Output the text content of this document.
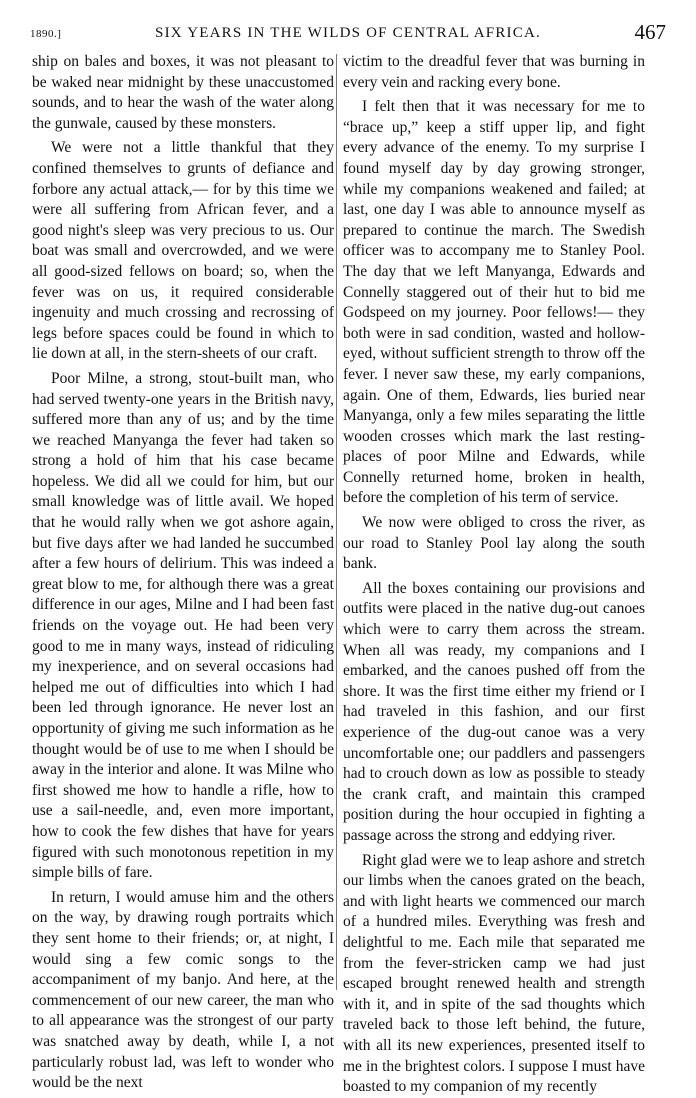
1890.]	SIX YEARS IN THE WILDS OF CENTRAL AFRICA.	467

ship on bales and boxes, it was not pleasant to be waked near midnight by these unaccustomed sounds, and to hear the wash of the water along the gunwale, caused by these monsters.

We were not a little thankful that they confined themselves to grunts of defiance and forbore any actual attack,— for by this time we were all suffering from African fever, and a good night's sleep was very precious to us. Our boat was small and overcrowded, and we were all good-sized fellows on board; so, when the fever was on us, it required considerable ingenuity and much crossing and recrossing of legs before spaces could be found in which to lie down at all, in the stern-sheets of our craft.

Poor Milne, a strong, stout-built man, who had served twenty-one years in the British navy, suffered more than any of us; and by the time we reached Manyanga the fever had taken so strong a hold of him that his case became hopeless. We did all we could for him, but our small knowledge was of little avail. We hoped that he would rally when we got ashore again, but five days after we had landed he succumbed after a few hours of delirium. This was indeed a great blow to me, for although there was a great difference in our ages, Milne and I had been fast friends on the voyage out. He had been very good to me in many ways, instead of ridiculing my inexperience, and on several occasions had helped me out of difficulties into which I had been led through ignorance. He never lost an opportunity of giving me such information as he thought would be of use to me when I should be away in the interior and alone. It was Milne who first showed me how to handle a rifle, how to use a sail-needle, and, even more important, how to cook the few dishes that have for years figured with such monotonous repetition in my simple bills of fare.

In return, I would amuse him and the others on the way, by drawing rough portraits which they sent home to their friends; or, at night, I would sing a few comic songs to the accompaniment of my banjo. And here, at the commencement of our new career, the man who to all appearance was the strongest of our party was snatched away by death, while I, a not particularly robust lad, was left to wonder who would be the next

victim to the dreadful fever that was burning in every vein and racking every bone.

I felt then that it was necessary for me to “brace up,” keep a stiff upper lip, and fight every advance of the enemy. To my surprise I found myself day by day growing stronger, while my companions weakened and failed; at last, one day I was able to announce myself as prepared to continue the march. The Swedish officer was to accompany me to Stanley Pool. The day that we left Manyanga, Edwards and Connelly staggered out of their hut to bid me Godspeed on my journey. Poor fellows!— they both were in sad condition, wasted and hollow-eyed, without sufficient strength to throw off the fever. I never saw these, my early companions, again. One of them, Edwards, lies buried near Manyanga, only a few miles separating the little wooden crosses which mark the last resting-places of poor Milne and Edwards, while Connelly returned home, broken in health, before the completion of his term of service.

We now were obliged to cross the river, as our road to Stanley Pool lay along the south bank.

All the boxes containing our provisions and outfits were placed in the native dug-out canoes which were to carry them across the stream. When all was ready, my companions and I embarked, and the canoes pushed off from the shore. It was the first time either my friend or I had traveled in this fashion, and our first experience of the dug-out canoe was a very uncomfortable one; our paddlers and passengers had to crouch down as low as possible to steady the crank craft, and maintain this cramped position during the hour occupied in fighting a passage across the strong and eddying river.

Right glad were we to leap ashore and stretch our limbs when the canoes grated on the beach, and with light hearts we commenced our march of a hundred miles. Everything was fresh and delightful to me. Each mile that separated me from the fever-stricken camp we had just escaped brought renewed health and strength with it, and in spite of the sad thoughts which traveled back to those left behind, the future, with all its new experiences, presented itself to me in the brightest colors. I suppose I must have boasted to my companion of my recently
